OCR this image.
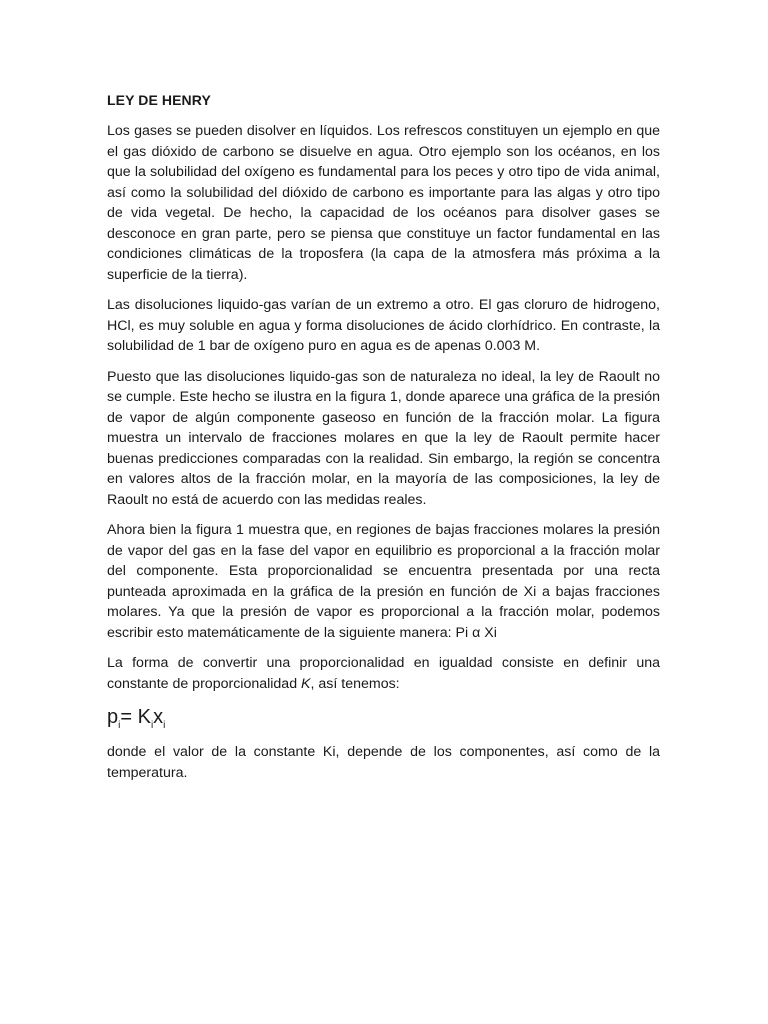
LEY DE HENRY

Los gases se pueden disolver en líquidos. Los refrescos constituyen un ejemplo en que el gas dióxido de carbono se disuelve en agua. Otro ejemplo son los océanos, en los que la solubilidad del oxígeno es fundamental para los peces y otro tipo de vida animal, así como la solubilidad del dióxido de carbono es importante para las algas y otro tipo de vida vegetal. De hecho, la capacidad de los océanos para disolver gases se desconoce en gran parte, pero se piensa que constituye un factor fundamental en las condiciones climáticas de la troposfera (la capa de la atmosfera más próxima a la superficie de la tierra).

Las disoluciones liquido-gas varían de un extremo a otro. El gas cloruro de hidrogeno, HCl, es muy soluble en agua y forma disoluciones de ácido clorhídrico. En contraste, la solubilidad de 1 bar de oxígeno puro en agua es de apenas 0.003 M.

Puesto que las disoluciones liquido-gas son de naturaleza no ideal, la ley de Raoult no se cumple. Este hecho se ilustra en la figura 1, donde aparece una gráfica de la presión de vapor de algún componente gaseoso en función de la fracción molar. La figura muestra un intervalo de fracciones molares en que la ley de Raoult permite hacer buenas predicciones comparadas con la realidad. Sin embargo, la región se concentra en valores altos de la fracción molar, en la mayoría de las composiciones, la ley de Raoult no está de acuerdo con las medidas reales.

Ahora bien la figura 1 muestra que, en regiones de bajas fracciones molares la presión de vapor del gas en la fase del vapor en equilibrio es proporcional a la fracción molar del componente. Esta proporcionalidad se encuentra presentada por una recta punteada aproximada en la gráfica de la presión en función de Xi a bajas fracciones molares. Ya que la presión de vapor es proporcional a la fracción molar, podemos escribir esto matemáticamente de la siguiente manera: Pi α Xi

La forma de convertir una proporcionalidad en igualdad consiste en definir una constante de proporcionalidad K, así tenemos:

$p_i= K_ix_i$

donde el valor de la constante Ki, depende de los componentes, así como de la temperatura.
